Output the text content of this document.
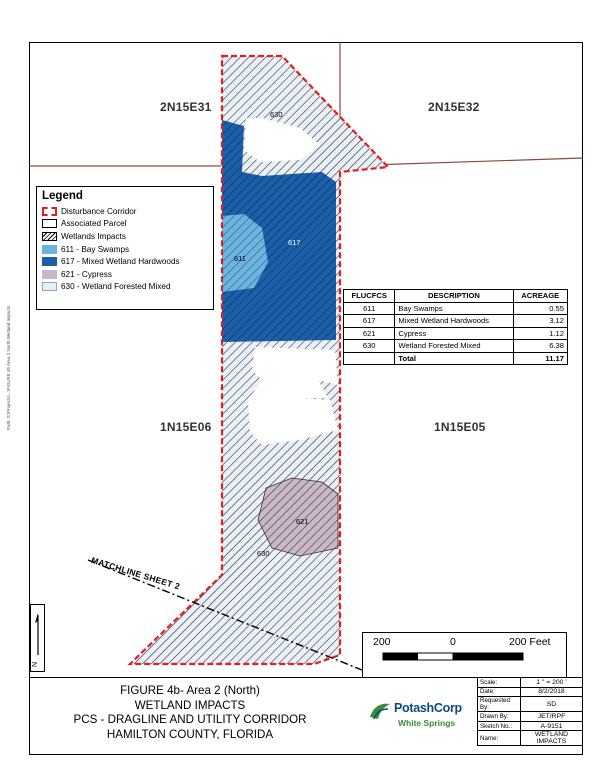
630
617
611
621
630
2N15E31	2N15E32
1N15E06	1N15E05
MATCHLINE SHEET 2
Legend
Disturbance Corridor
Associated Parcel
Wetlands Impacts
611 - Bay Swamps
617 - Mixed Wetland Hardwoods
621 - Cypress
630 - Wetland Forested Mixed
FLUCFCS	DESCRIPTION	ACREAGE
611	Bay Swamps	0.55
617	Mixed Wetland Hardwoods	3.12
621	Cypress	1.12
630	Wetland Forested Mixed	6.38
	Total	11.17
200	0	200 Feet
N
Path: S:\Projects\...\FIGURE 4b Area 2 North Wetland Impacts
FIGURE 4b- Area 2 (North)
WETLAND IMPACTS
PCS - DRAGLINE AND UTILITY CORRIDOR
HAMILTON COUNTY, FLORIDA
PotashCorp
White Springs
Scale:	1 " = 200 '
Date:	8/2/2018
Requested By:	SD
Drawn By:	JET/RPF
Sketch No.:	A-9151
Name:	WETLAND IMPACTS
